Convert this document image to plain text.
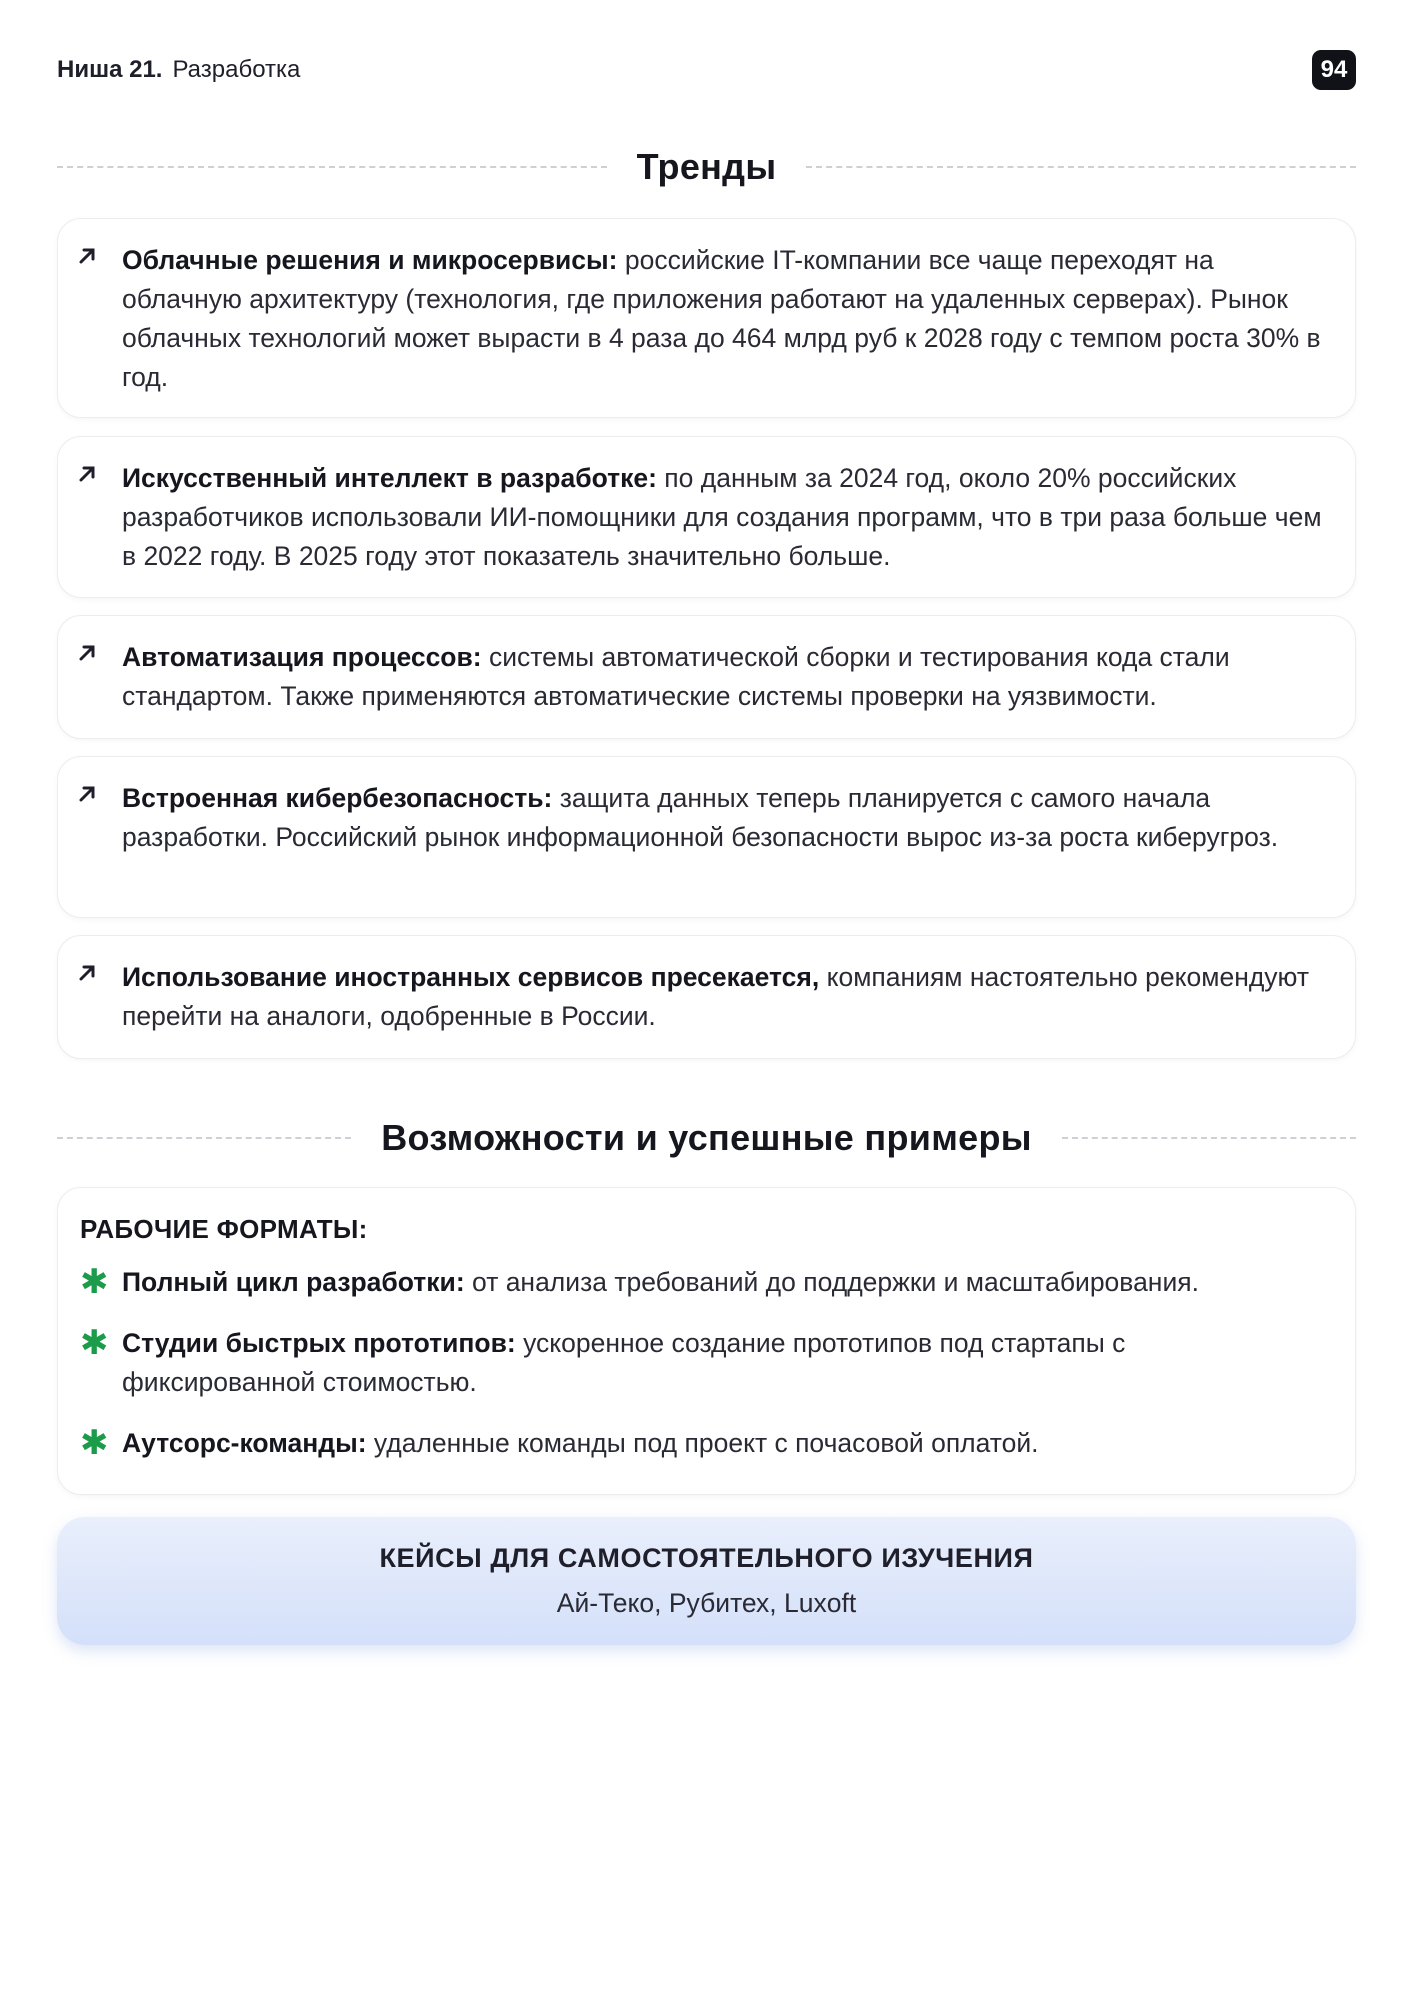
Ниша 21. Разработка	94
Тренды
Облачные решения и микросервисы: российские IT-компании все чаще переходят на облачную архитектуру (технология, где приложения работают на удаленных серверах). Рынок облачных технологий может вырасти в 4 раза до 464 млрд руб к 2028 году с темпом роста 30% в год.
Искусственный интеллект в разработке: по данным за 2024 год, около 20% российских разработчиков использовали ИИ-помощники для создания программ, что в три раза больше чем в 2022 году. В 2025 году этот показатель значительно больше.
Автоматизация процессов: системы автоматической сборки и тестирования кода стали стандартом. Также применяются автоматические системы проверки на уязвимости.
Встроенная кибербезопасность: защита данных теперь планируется с самого начала разработки. Российский рынок информационной безопасности вырос из-за роста киберугроз.
Использование иностранных сервисов пресекается, компаниям настоятельно рекомендуют перейти на аналоги, одобренные в России.
Возможности и успешные примеры
РАБОЧИЕ ФОРМАТЫ:
✱ Полный цикл разработки: от анализа требований до поддержки и масштабирования.
✱ Студии быстрых прототипов: ускоренное создание прототипов под стартапы с фиксированной стоимостью.
✱ Аутсорс-команды: удаленные команды под проект с почасовой оплатой.
КЕЙСЫ ДЛЯ САМОСТОЯТЕЛЬНОГО ИЗУЧЕНИЯ
Ай-Теко, Рубитех, Luxoft
